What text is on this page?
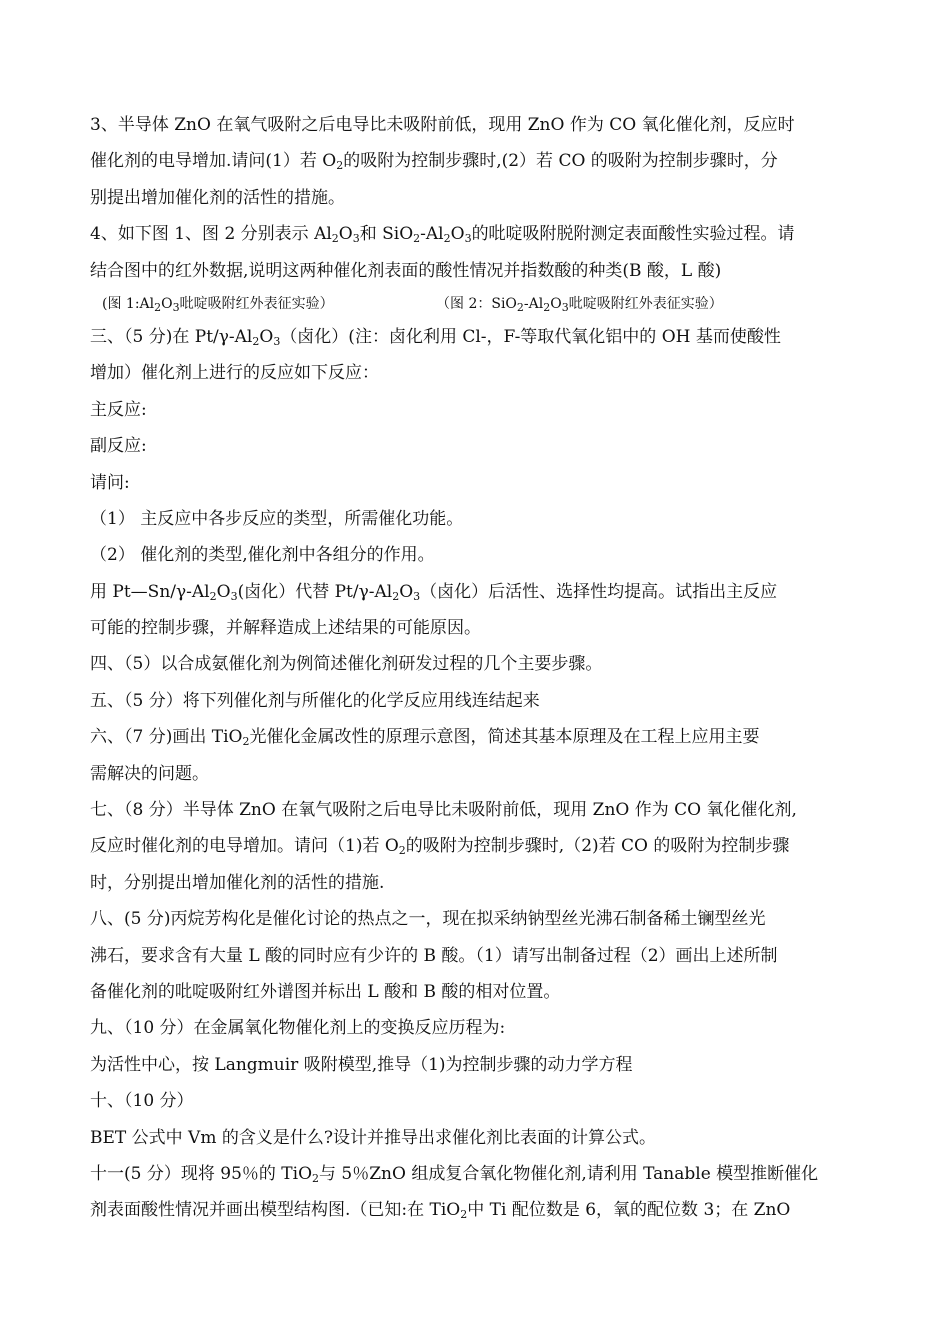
3、半导体 ZnO 在氧气吸附之后电导比未吸附前低，现用 ZnO 作为 CO 氧化催化剂，反应时
催化剂的电导增加.请问(1）若 $O_2$的吸附为控制步骤时,(2）若 CO 的吸附为控制步骤时，分
别提出增加催化剂的活性的措施。
4、如下图 1、图 2 分别表示 $Al_2O_3$和 $SiO_2-Al_2O_3$的吡啶吸附脱附测定表面酸性实验过程。请
结合图中的红外数据,说明这两种催化剂表面的酸性情况并指数酸的种类(B 酸，L 酸)
(图 $1:Al_2O_3$吡啶吸附红外表征实验）	（图 2：$SiO_2-Al_2O_3$吡啶吸附红外表征实验）
三、（5 分)在 $Pt/\gamma-Al_2O_3$（卤化）(注：卤化利用 Cl-，F-等取代氧化铝中的 OH 基而使酸性
增加）催化剂上进行的反应如下反应：
主反应:
副反应:
请问:
（1） 主反应中各步反应的类型，所需催化功能。
（2） 催化剂的类型,催化剂中各组分的作用。
用 $Pt—Sn/\gamma-Al_2O_3$(卤化）代替 $Pt/\gamma-Al_2O_3$（卤化）后活性、选择性均提高。试指出主反应
可能的控制步骤，并解释造成上述结果的可能原因。
四、（5）以合成氨催化剂为例简述催化剂研发过程的几个主要步骤。
五、（5 分）将下列催化剂与所催化的化学反应用线连结起来
六、（7 分)画出 TiO$_2$光催化金属改性的原理示意图，简述其基本原理及在工程上应用主要
需解决的问题。
七、（8 分）半导体 ZnO 在氧气吸附之后电导比未吸附前低，现用 ZnO 作为 CO 氧化催化剂,
反应时催化剂的电导增加。请问（1)若 $O_2$的吸附为控制步骤时,（2)若 CO 的吸附为控制步骤
时，分别提出增加催化剂的活性的措施.
八、(5 分)丙烷芳构化是催化讨论的热点之一，现在拟采纳钠型丝光沸石制备稀土镧型丝光
沸石，要求含有大量 L 酸的同时应有少许的 B 酸。（1）请写出制备过程（2）画出上述所制
备催化剂的吡啶吸附红外谱图并标出 L 酸和 B 酸的相对位置。
九、（10 分）在金属氧化物催化剂上的变换反应历程为:
为活性中心，按 Langmuir 吸附模型,推导（1)为控制步骤的动力学方程
十、（10 分）
BET 公式中 Vm 的含义是什么?设计并推导出求催化剂比表面的计算公式。
十一(5 分）现将 95％的 TiO$_2$与 5％ZnO 组成复合氧化物催化剂,请利用 Tanable 模型推断催化
剂表面酸性情况并画出模型结构图.（已知:在 TiO$_2$中 Ti 配位数是 6，氧的配位数 3；在 ZnO
